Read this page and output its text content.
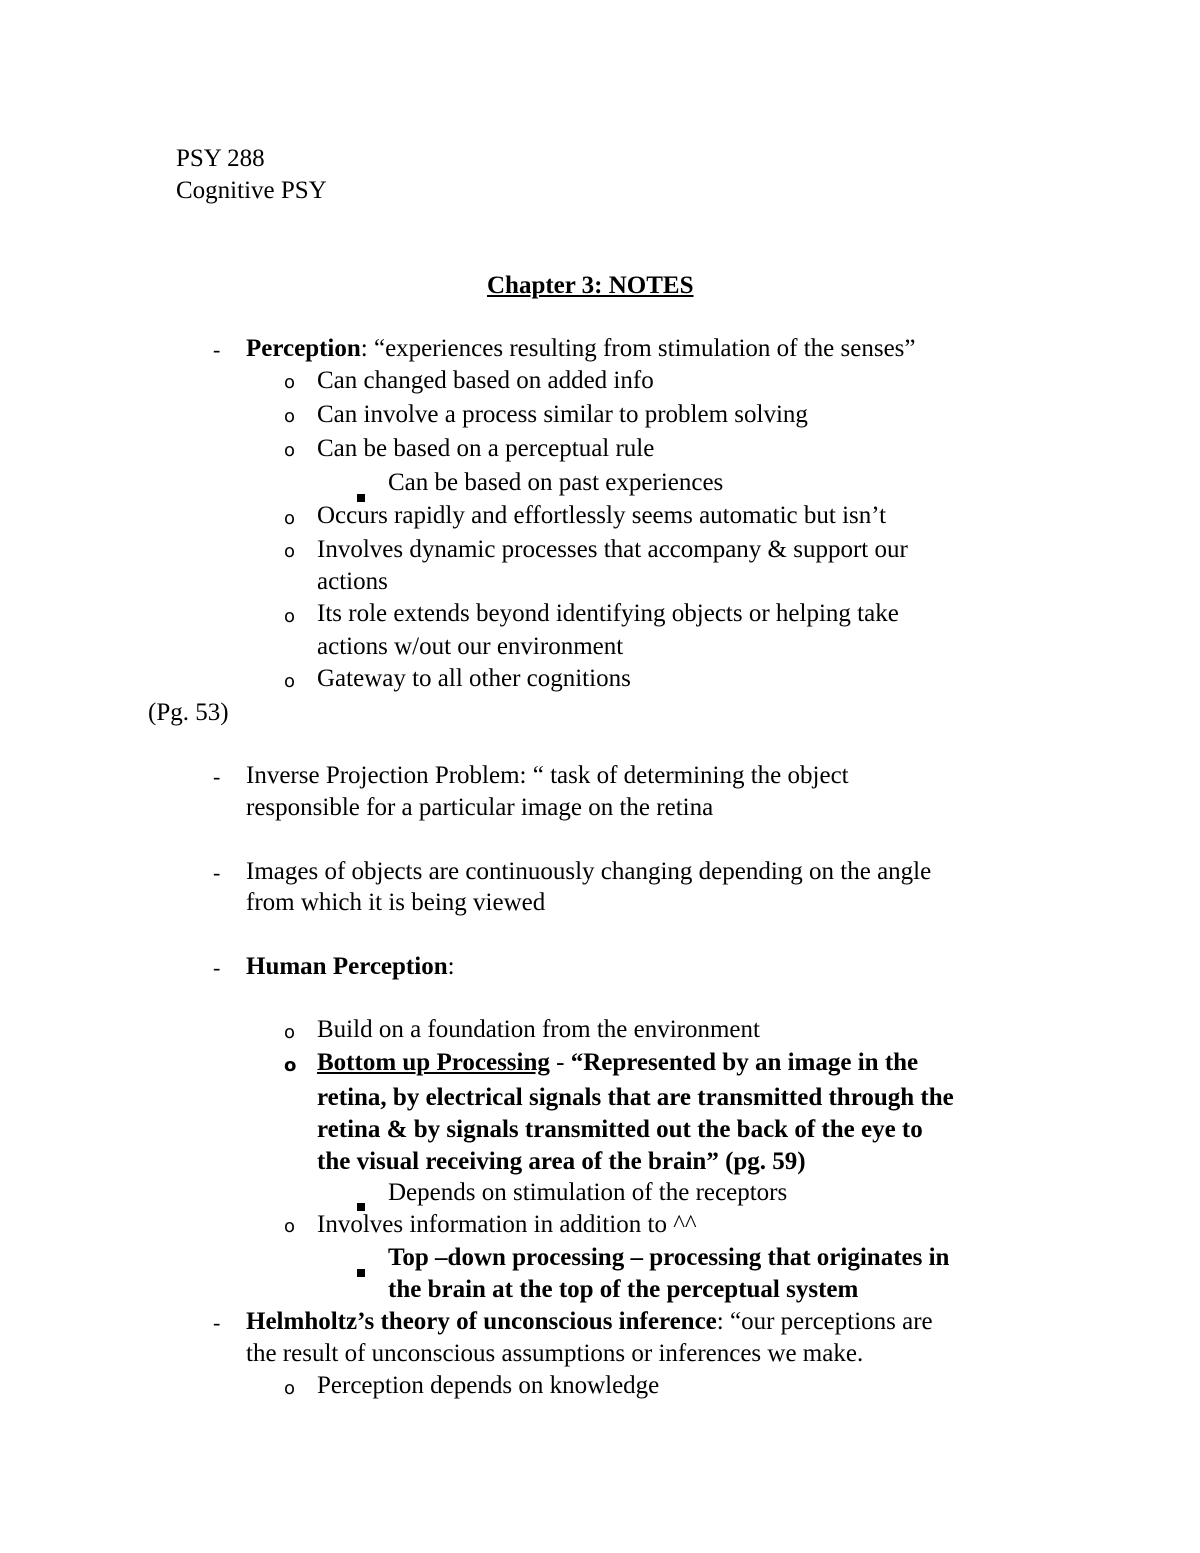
PSY 288

Cognitive PSY

Chapter 3: NOTES

- Perception: “experiences resulting from stimulation of the senses”

o Can changed based on added info

o Can involve a process similar to problem solving

o Can be based on a perceptual rule

Can be based on past experiences

o Occurs rapidly and effortlessly seems automatic but isn’t

o Involves dynamic processes that accompany & support our

actions

o Its role extends beyond identifying objects or helping take

actions w/out our environment

o Gateway to all other cognitions

(Pg. 53)

- Inverse Projection Problem: “ task of determining the object

responsible for a particular image on the retina

- Images of objects are continuously changing depending on the angle

from which it is being viewed

- Human Perception:

o Build on a foundation from the environment

o Bottom up Processing - “Represented by an image in the

retina, by electrical signals that are transmitted through the

retina & by signals transmitted out the back of the eye to

the visual receiving area of the brain” (pg. 59)

Depends on stimulation of the receptors

o Involves information in addition to ^^

Top –down processing – processing that originates in

the brain at the top of the perceptual system

- Helmholtz’s theory of unconscious inference: “our perceptions are

the result of unconscious assumptions or inferences we make.

o Perception depends on knowledge
